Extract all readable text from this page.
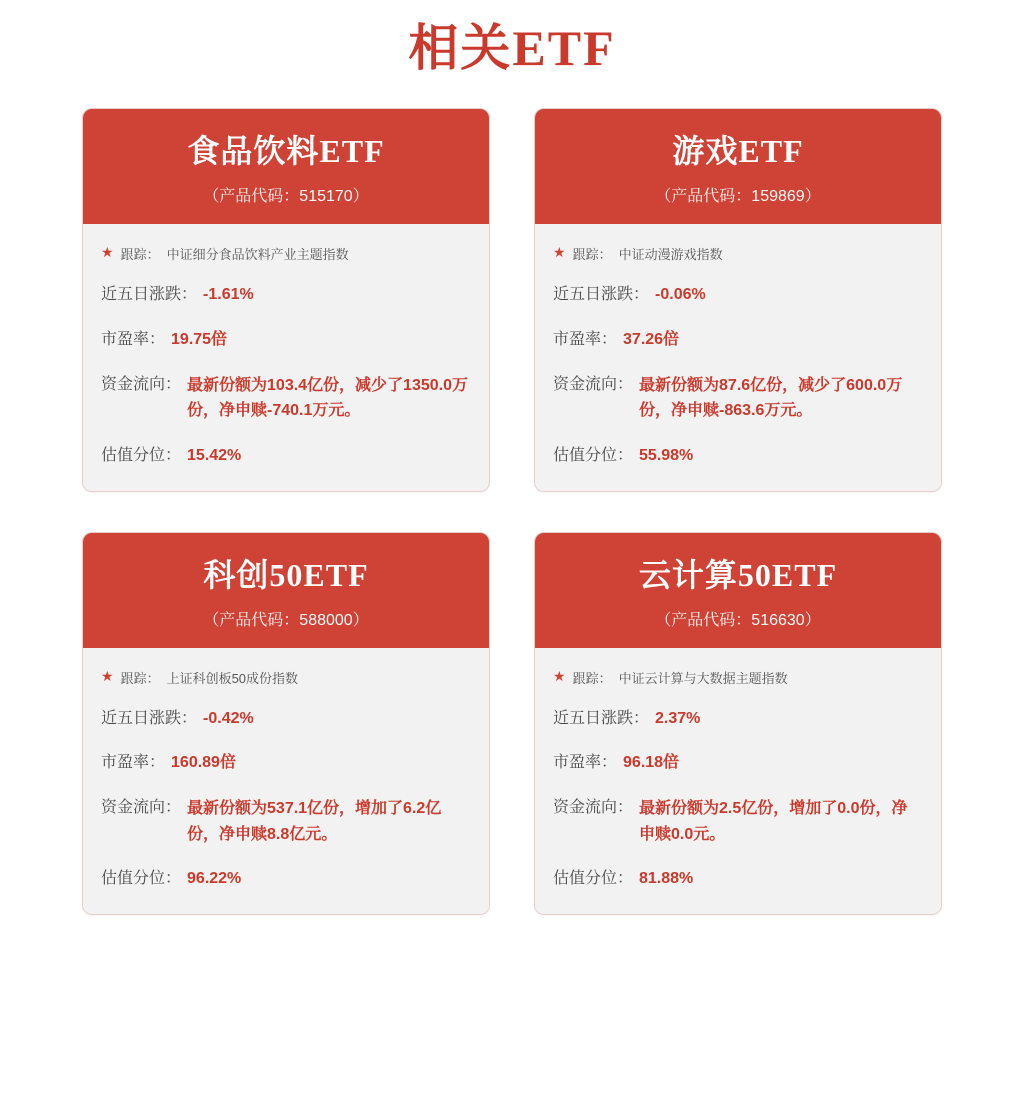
相关ETF
食品饮料ETF
（产品代码：515170）
★ 跟踪： 中证细分食品饮料产业主题指数
近五日涨跌： -1.61%
市盈率： 19.75倍
资金流向： 最新份额为103.4亿份，减少了1350.0万份，净申赎-740.1万元。
估值分位： 15.42%
游戏ETF
（产品代码：159869）
★ 跟踪： 中证动漫游戏指数
近五日涨跌： -0.06%
市盈率： 37.26倍
资金流向： 最新份额为87.6亿份，减少了600.0万份，净申赎-863.6万元。
估值分位： 55.98%
科创50ETF
（产品代码：588000）
★ 跟踪： 上证科创板50成份指数
近五日涨跌： -0.42%
市盈率： 160.89倍
资金流向： 最新份额为537.1亿份，增加了6.2亿份，净申赎8.8亿元。
估值分位： 96.22%
云计算50ETF
（产品代码：516630）
★ 跟踪： 中证云计算与大数据主题指数
近五日涨跌： 2.37%
市盈率： 96.18倍
资金流向： 最新份额为2.5亿份，增加了0.0份，净申赎0.0元。
估值分位： 81.88%
